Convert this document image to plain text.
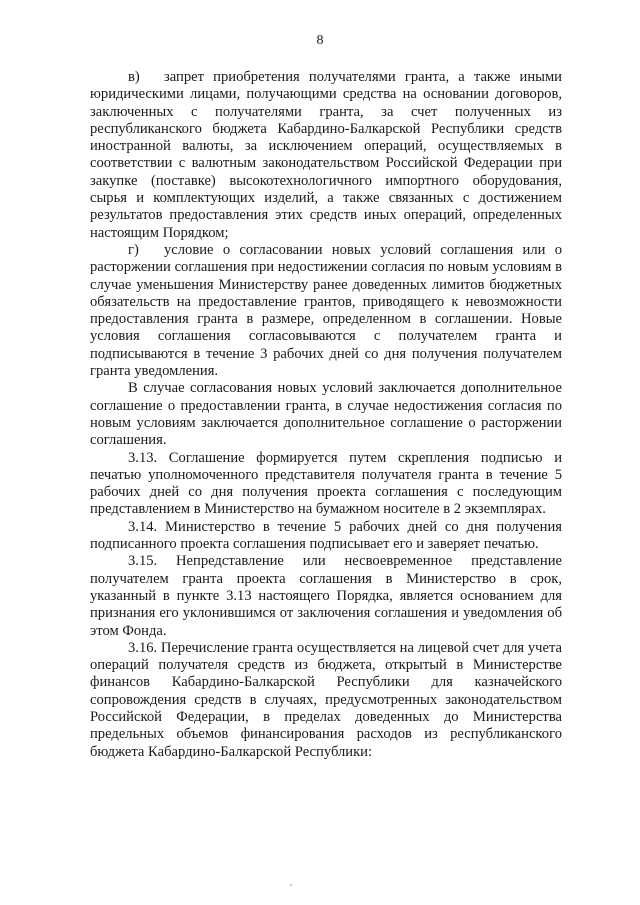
8

в) запрет приобретения получателями гранта, а также иными юридическими лицами, получающими средства на основании договоров, заключенных с получателями гранта, за счет полученных из республиканского бюджета Кабардино-Балкарской Республики средств иностранной валюты, за исключением операций, осуществляемых в соответствии с валютным законодательством Российской Федерации при закупке (поставке) высокотехнологичного импортного оборудования, сырья и комплектующих изделий, а также связанных с достижением результатов предоставления этих средств иных операций, определенных настоящим Порядком;

г) условие о согласовании новых условий соглашения или о расторжении соглашения при недостижении согласия по новым условиям в случае уменьшения Министерству ранее доведенных лимитов бюджетных обязательств на предоставление грантов, приводящего к невозможности предоставления гранта в размере, определенном в соглашении. Новые условия соглашения согласовываются с получателем гранта и подписываются в течение 3 рабочих дней со дня получения получателем гранта уведомления.

В случае согласования новых условий заключается дополнительное соглашение о предоставлении гранта, в случае недостижения согласия по новым условиям заключается дополнительное соглашение о расторжении соглашения.

3.13. Соглашение формируется путем скрепления подписью и печатью уполномоченного представителя получателя гранта в течение 5 рабочих дней со дня получения проекта соглашения с последующим представлением в Министерство на бумажном носителе в 2 экземплярах.

3.14. Министерство в течение 5 рабочих дней со дня получения подписанного проекта соглашения подписывает его и заверяет печатью.

3.15. Непредставление или несвоевременное представление получателем гранта проекта соглашения в Министерство в срок, указанный в пункте 3.13 настоящего Порядка, является основанием для признания его уклонившимся от заключения соглашения и уведомления об этом Фонда.

3.16. Перечисление гранта осуществляется на лицевой счет для учета операций получателя средств из бюджета, открытый в Министерстве финансов Кабардино-Балкарской Республики для казначейского сопровождения средств в случаях, предусмотренных законодательством Российской Федерации, в пределах доведенных до Министерства предельных объемов финансирования расходов из республиканского бюджета Кабардино-Балкарской Республики:
